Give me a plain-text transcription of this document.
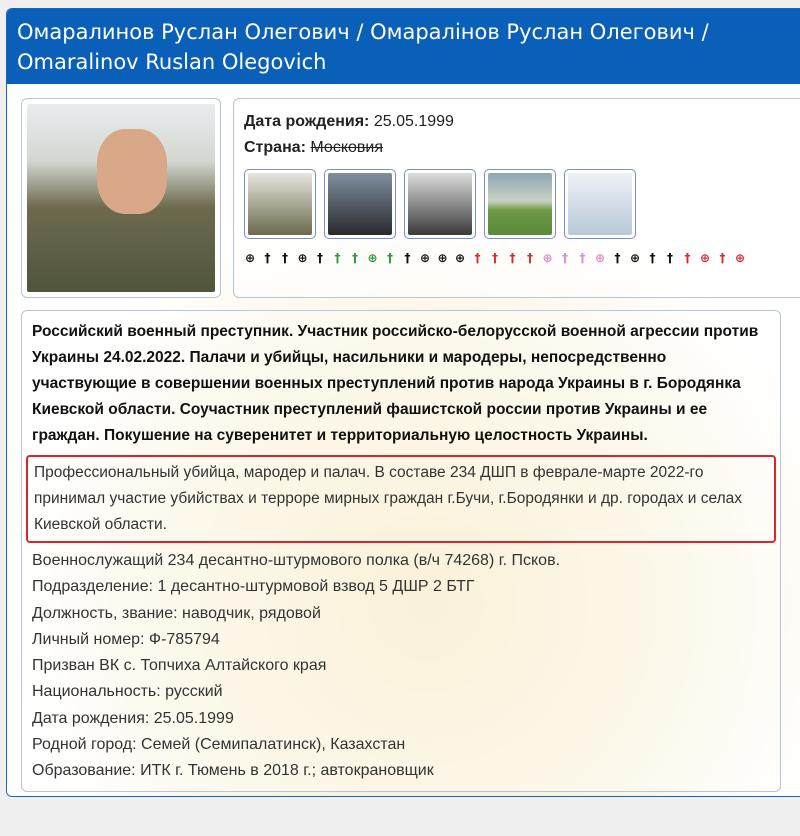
Омаралинов Руслан Олегович / Омаралінов Руслан Олегович / Omaralinov Ruslan Olegovich

Дата рождения: 25.05.1999

Страна: Московия

⊕ † † ⊕ † † † ⊕ † † ⊕ ⊕ ⊕ † † † † ⊕ † † ⊕ † ⊕ † † † ⊕ † ⊕
Российский военный преступник. Участник российско-белорусской военной агрессии против Украины 24.02.2022. Палачи и убийцы, насильники и мародеры, непосредственно участвующие в совершении военных преступлений против народа Украины в г. Бородянка Киевской области. Соучастник преступлений фашистской россии против Украины и ее граждан. Покушение на суверенитет и территориальную целостность Украины.
Профессиональный убийца, мародер и палач. В составе 234 ДШП в феврале-марте 2022-го принимал участие убийствах и терроре мирных граждан г.Бучи, г.Бородянки и др. городах и селах Киевской области.
Военнослужащий 234 десантно-штурмового полка (в/ч 74268) г. Псков.
Подразделение: 1 десантно-штурмовой взвод 5 ДШР 2 БТГ
Должность, звание: наводчик, рядовой
Личный номер: Ф-785794
Призван ВК с. Топчиха Алтайского края
Национальность: русский
Дата рождения: 25.05.1999
Родной город: Семей (Семипалатинск), Казахстан
Образование: ИТК г. Тюмень в 2018 г.; автокрановщик
